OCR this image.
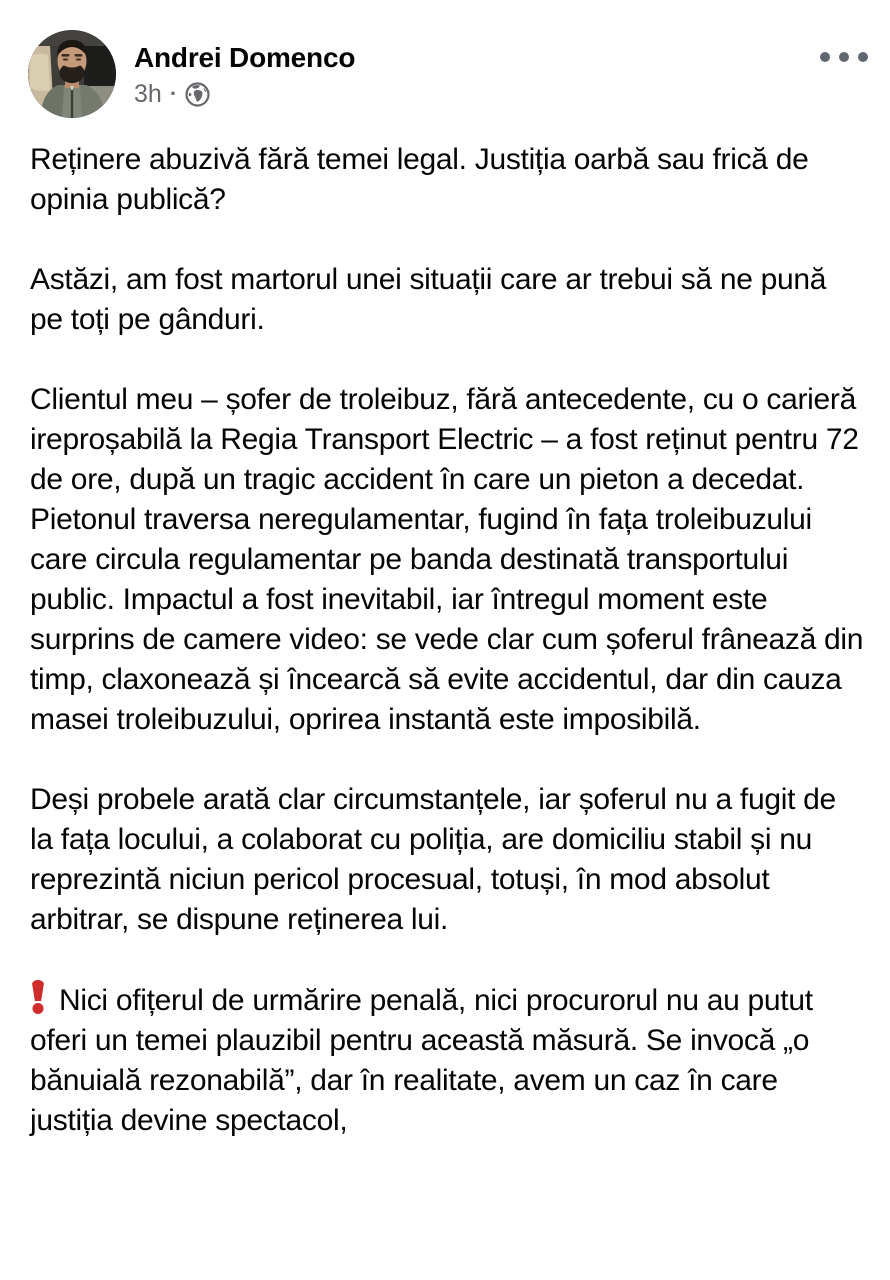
Andrei Domenco
3h ·

Reținere abuzivă fără temei legal. Justiția oarbă sau frică de opinia publică?

Astăzi, am fost martorul unei situații care ar trebui să ne pună pe toți pe gânduri.

Clientul meu – șofer de troleibuz, fără antecedente, cu o carieră ireproșabilă la Regia Transport Electric – a fost reținut pentru 72 de ore, după un tragic accident în care un pieton a decedat. Pietonul traversa neregulamentar, fugind în fața troleibuzului care circula regulamentar pe banda destinată transportului public. Impactul a fost inevitabil, iar întregul moment este surprins de camere video: se vede clar cum șoferul frânează din timp, claxonează și încearcă să evite accidentul, dar din cauza masei troleibuzului, oprirea instantă este imposibilă.

Deși probele arată clar circumstanțele, iar șoferul nu a fugit de la fața locului, a colaborat cu poliția, are domiciliu stabil și nu reprezintă niciun pericol procesual, totuși, în mod absolut arbitrar, se dispune reținerea lui.

Nici ofițerul de urmărire penală, nici procurorul nu au putut oferi un temei plauzibil pentru această măsură. Se invocă „o bănuială rezonabilă”, dar în realitate, avem un caz în care justiția devine spectacol,
